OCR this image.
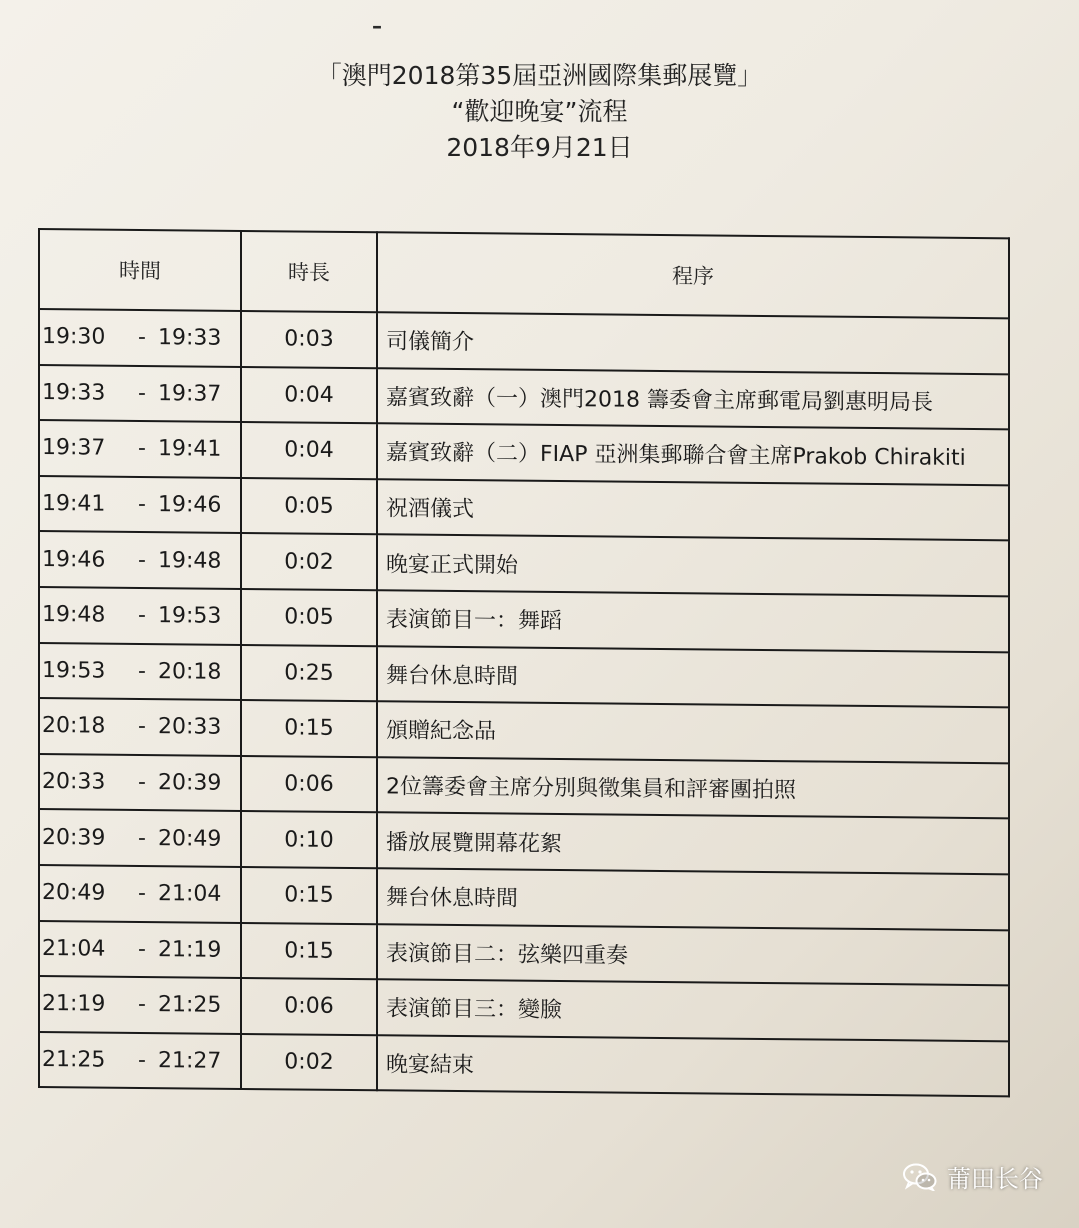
–
「澳門2018第35屆亞洲國際集郵展覽」
“歡迎晚宴”流程
2018年9月21日
時間	時長	程序
19:30 - 19:33	0:03	司儀簡介
19:33 - 19:37	0:04	嘉賓致辭（一）澳門2018 籌委會主席郵電局劉惠明局長
19:37 - 19:41	0:04	嘉賓致辭（二）FIAP 亞洲集郵聯合會主席Prakob Chirakiti
19:41 - 19:46	0:05	祝酒儀式
19:46 - 19:48	0:02	晚宴正式開始
19:48 - 19:53	0:05	表演節目一：舞蹈
19:53 - 20:18	0:25	舞台休息時間
20:18 - 20:33	0:15	頒贈紀念品
20:33 - 20:39	0:06	2位籌委會主席分別與徵集員和評審團拍照
20:39 - 20:49	0:10	播放展覽開幕花絮
20:49 - 21:04	0:15	舞台休息時間
21:04 - 21:19	0:15	表演節目二：弦樂四重奏
21:19 - 21:25	0:06	表演節目三：變臉
21:25 - 21:27	0:02	晚宴結束
莆田长谷
